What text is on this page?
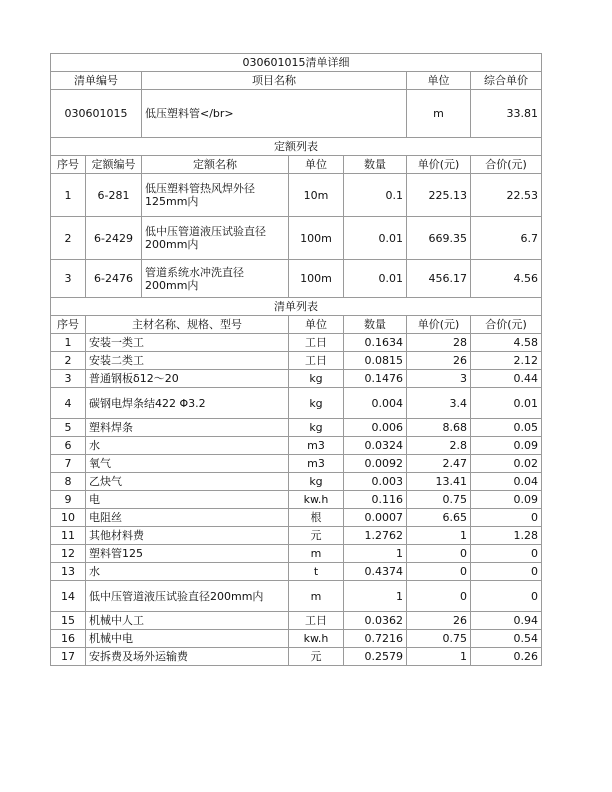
030601015清单详细						
清单编号		项目名称			单位	综合单价
030601015		低压塑料管</br>			m	33.81
定额列表						
序号	定额编号	定额名称	单位	数量	单价(元)	合价(元)
1	6-281	低压塑料管热风焊外径125mm内	10m	0.1	225.13	22.53
2	6-2429	低中压管道液压试验直径200mm内	100m	0.01	669.35	6.7
3	6-2476	管道系统水冲洗直径200mm内	100m	0.01	456.17	4.56
清单列表						
序号	主材名称、规格、型号		单位	数量	单价(元)	合价(元)
1	安装一类工		工日	0.1634	28	4.58
2	安装二类工		工日	0.0815	26	2.12
3	普通钢板δ12～20		kg	0.1476	3	0.44
4	碳钢电焊条结422 Φ3.2		kg	0.004	3.4	0.01
5	塑料焊条		kg	0.006	8.68	0.05
6	水		m3	0.0324	2.8	0.09
7	氧气		m3	0.0092	2.47	0.02
8	乙炔气		kg	0.003	13.41	0.04
9	电		kw.h	0.116	0.75	0.09
10	电阻丝		根	0.0007	6.65	0
11	其他材料费		元	1.2762	1	1.28
12	塑料管125		m	1	0	0
13	水		t	0.4374	0	0
14	低中压管道液压试验直径200mm内		m	1	0	0
15	机械中人工		工日	0.0362	26	0.94
16	机械中电		kw.h	0.7216	0.75	0.54
17	安拆费及场外运输费		元	0.2579	1	0.26
